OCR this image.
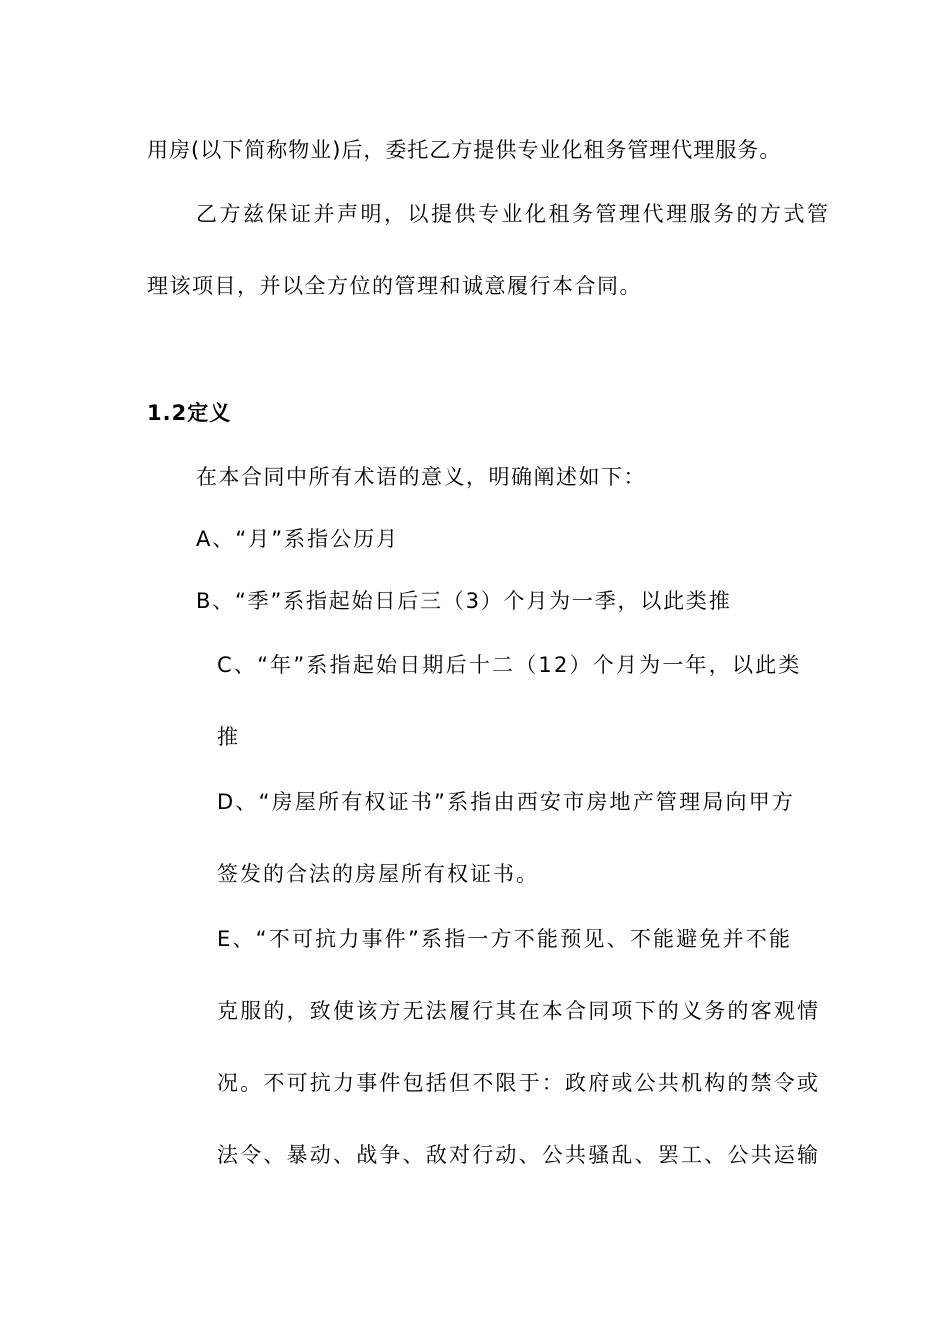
用房(以下简称物业)后，委托乙方提供专业化租务管理代理服务。
乙方兹保证并声明，以提供专业化租务管理代理服务的方式管
理该项目，并以全方位的管理和诚意履行本合同。
1.2定义
在本合同中所有术语的意义，明确阐述如下：
A、“月”系指公历月
B、“季”系指起始日后三（3）个月为一季，以此类推
C、“年”系指起始日期后十二（12）个月为一年，以此类
推
D、“房屋所有权证书”系指由西安市房地产管理局向甲方
签发的合法的房屋所有权证书。
E、“不可抗力事件”系指一方不能预见、不能避免并不能
克服的，致使该方无法履行其在本合同项下的义务的客观情
况。不可抗力事件包括但不限于：政府或公共机构的禁令或
法令、暴动、战争、敌对行动、公共骚乱、罢工、公共运输
